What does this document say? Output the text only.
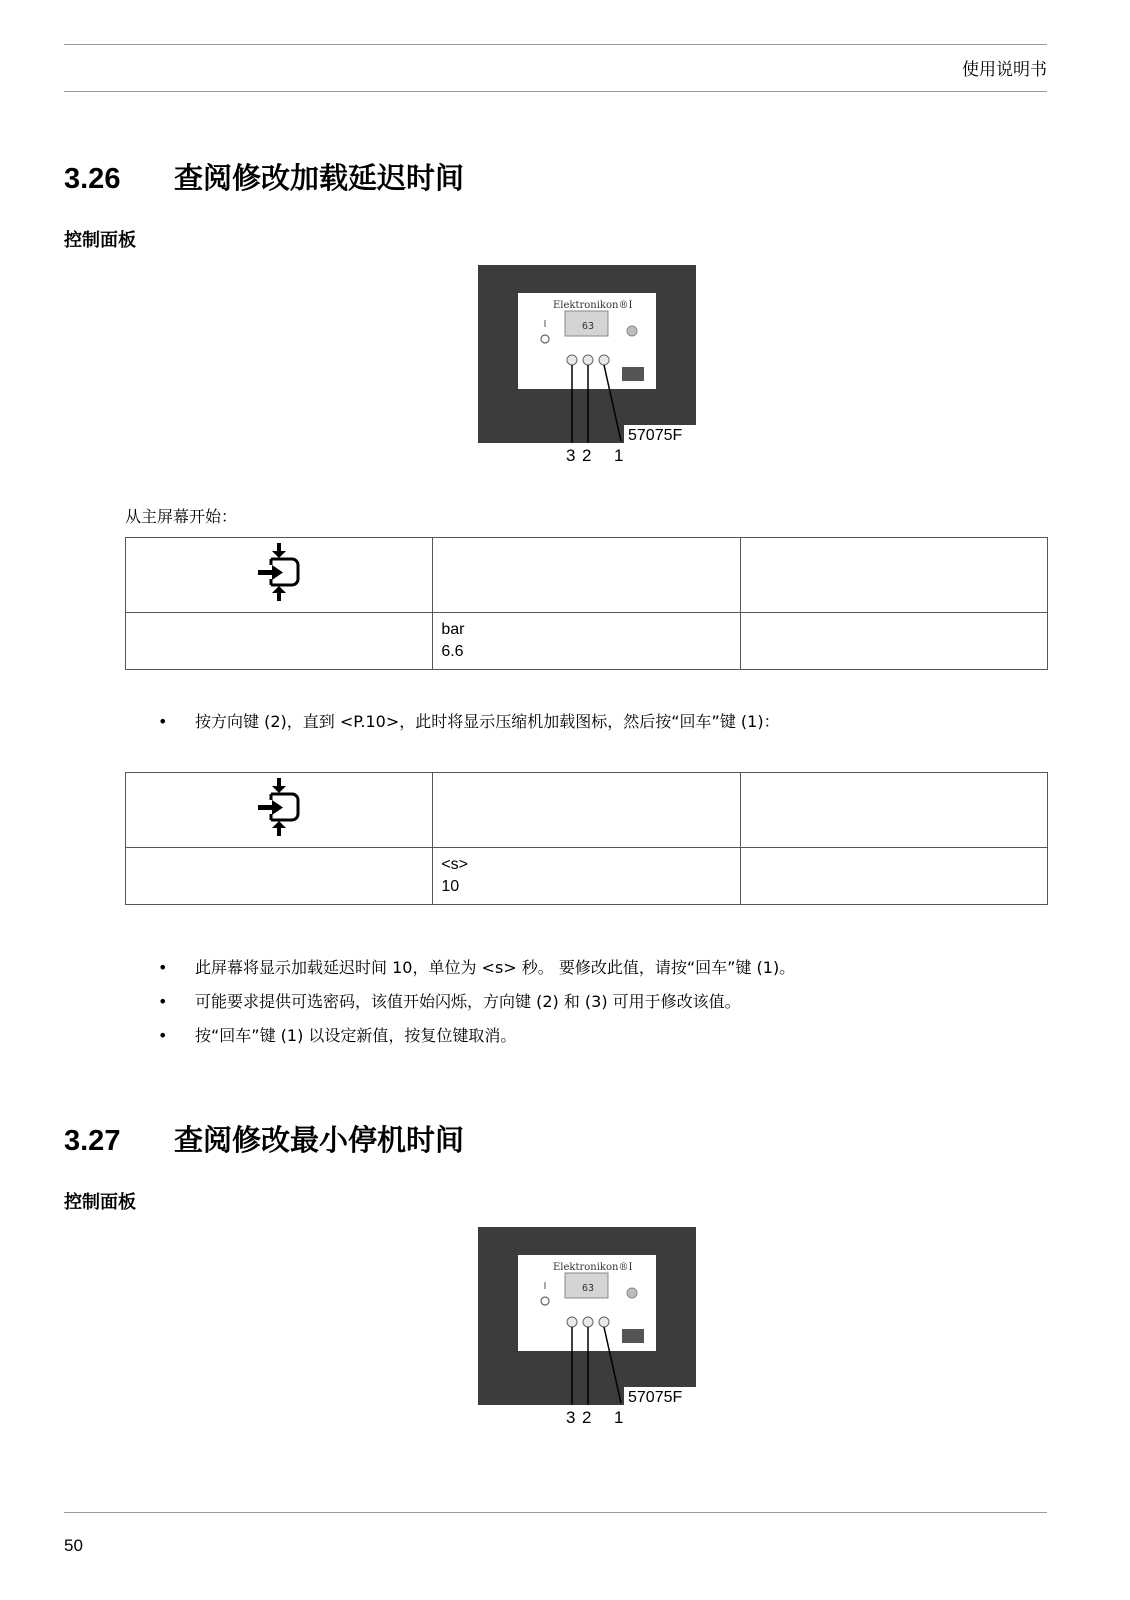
使用说明书
3.26 查阅修改加载延迟时间
控制面板
Elektronikon®I
63
57075F
3 2 1
从主屏幕开始：

	bar
6.6	

• 按方向键 (2)，直到 <P.10>，此时将显示压缩机加载图标，然后按“回车”键 (1)：

	<s>
10	

• 此屏幕将显示加载延迟时间 10，单位为 <s> 秒。 要修改此值，请按“回车”键 (1)。
• 可能要求提供可选密码，该值开始闪烁，方向键 (2) 和 (3) 可用于修改该值。
• 按“回车”键 (1) 以设定新值，按复位键取消。
3.27 查阅修改最小停机时间
控制面板
Elektronikon®I
63
57075F
3 2 1
50
